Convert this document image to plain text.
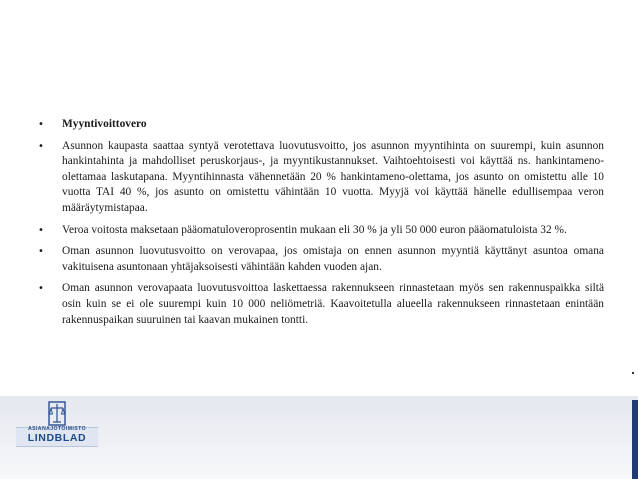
• Myyntivoittovero
• Asunnon kaupasta saattaa syntyä verotettava luovutusvoitto, jos asunnon myyntihinta on suurempi, kuin asunnon hankintahinta ja mahdolliset peruskorjaus-, ja myyntikustannukset. Vaihtoehtoisesti voi käyttää ns. hankintameno-olettamaa laskutapana. Myyntihinnasta vähennetään 20 % hankintameno-olettama, jos asunto on omistettu alle 10 vuotta TAI 40 %, jos asunto on omistettu vähintään 10 vuotta. Myyjä voi käyttää hänelle edullisempaa veron määräytymistapaa.
• Veroa voitosta maksetaan pääomatuloveroprosentin mukaan eli 30 % ja yli 50 000 euron pääomatuloista 32 %.
• Oman asunnon luovutusvoitto on verovapaa, jos omistaja on ennen asunnon myyntiä käyttänyt asuntoa omana vakituisena asuntonaan yhtäjaksoisesti vähintään kahden vuoden ajan.
• Oman asunnon verovapaata luovutusvoittoa laskettaessa rakennukseen rinnastetaan myös sen rakennuspaikka siltä osin kuin se ei ole suurempi kuin 10 000 neliömetriä. Kaavoitetulla alueella rakennukseen rinnastetaan enintään rakennuspaikan suuruinen tai kaavan mukainen tontti.
ASIANAJOTOIMISTO
LINDBLAD
